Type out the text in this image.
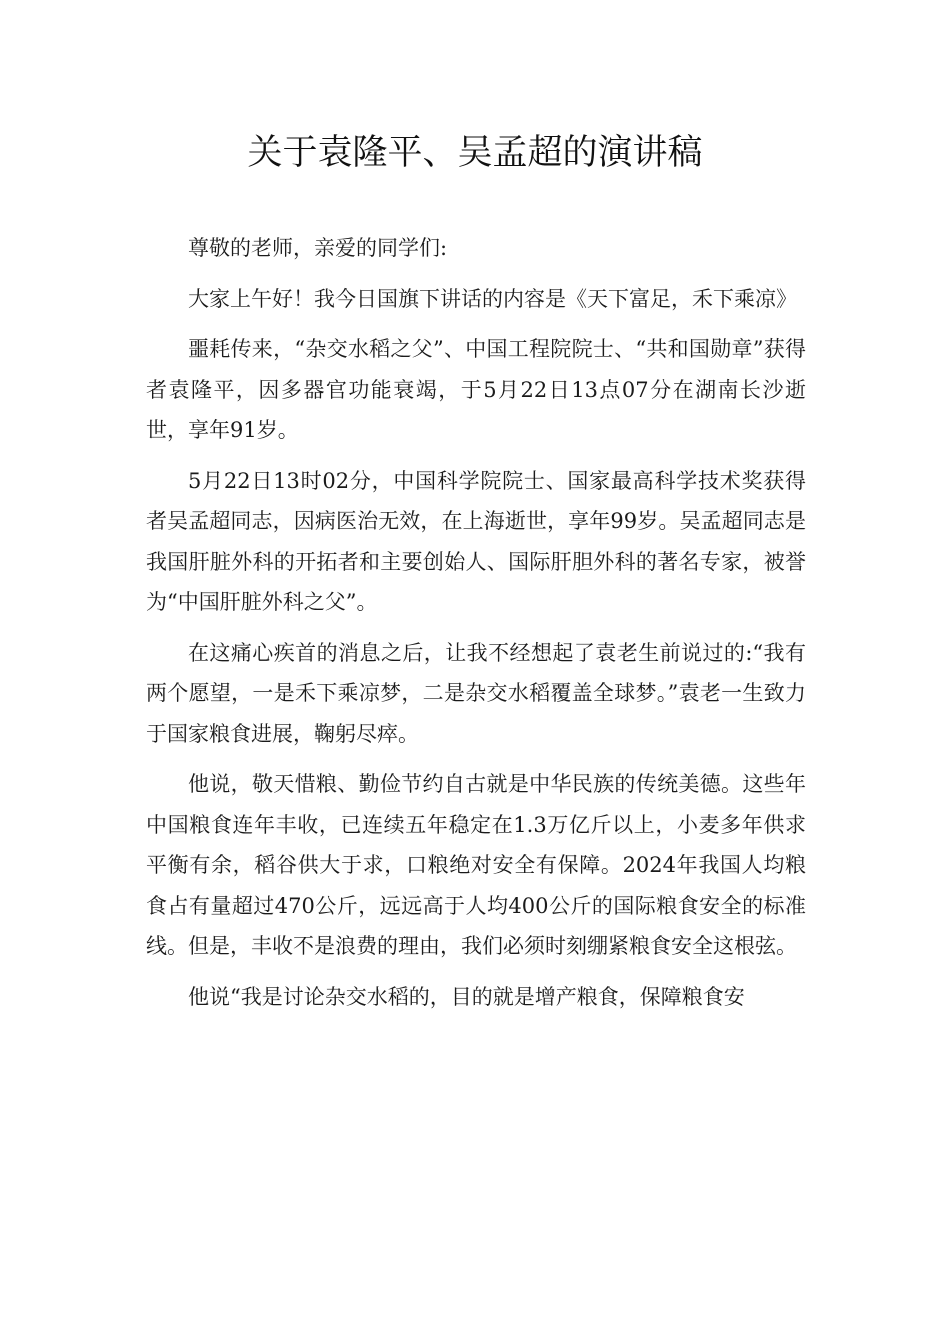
关于袁隆平、吴孟超的演讲稿

尊敬的老师，亲爱的同学们:

大家上午好！我今日国旗下讲话的内容是《天下富足，禾下乘凉》

噩耗传来，“杂交水稻之父”、中国工程院院士、“共和国勋章”获得者袁隆平，因多器官功能衰竭，于5月22日13点07分在湖南长沙逝世，享年91岁。

5月22日13时02分，中国科学院院士、国家最高科学技术奖获得者吴孟超同志，因病医治无效，在上海逝世，享年99岁。吴孟超同志是我国肝脏外科的开拓者和主要创始人、国际肝胆外科的著名专家，被誉为“中国肝脏外科之父”。

在这痛心疾首的消息之后，让我不经想起了袁老生前说过的:“我有两个愿望，一是禾下乘凉梦，二是杂交水稻覆盖全球梦。”袁老一生致力于国家粮食进展，鞠躬尽瘁。

他说，敬天惜粮、勤俭节约自古就是中华民族的传统美德。这些年中国粮食连年丰收，已连续五年稳定在1.3万亿斤以上，小麦多年供求平衡有余，稻谷供大于求，口粮绝对安全有保障。2024年我国人均粮食占有量超过470公斤，远远高于人均400公斤的国际粮食安全的标准线。但是，丰收不是浪费的理由，我们必须时刻绷紧粮食安全这根弦。

他说“我是讨论杂交水稻的，目的就是增产粮食，保障粮食安
